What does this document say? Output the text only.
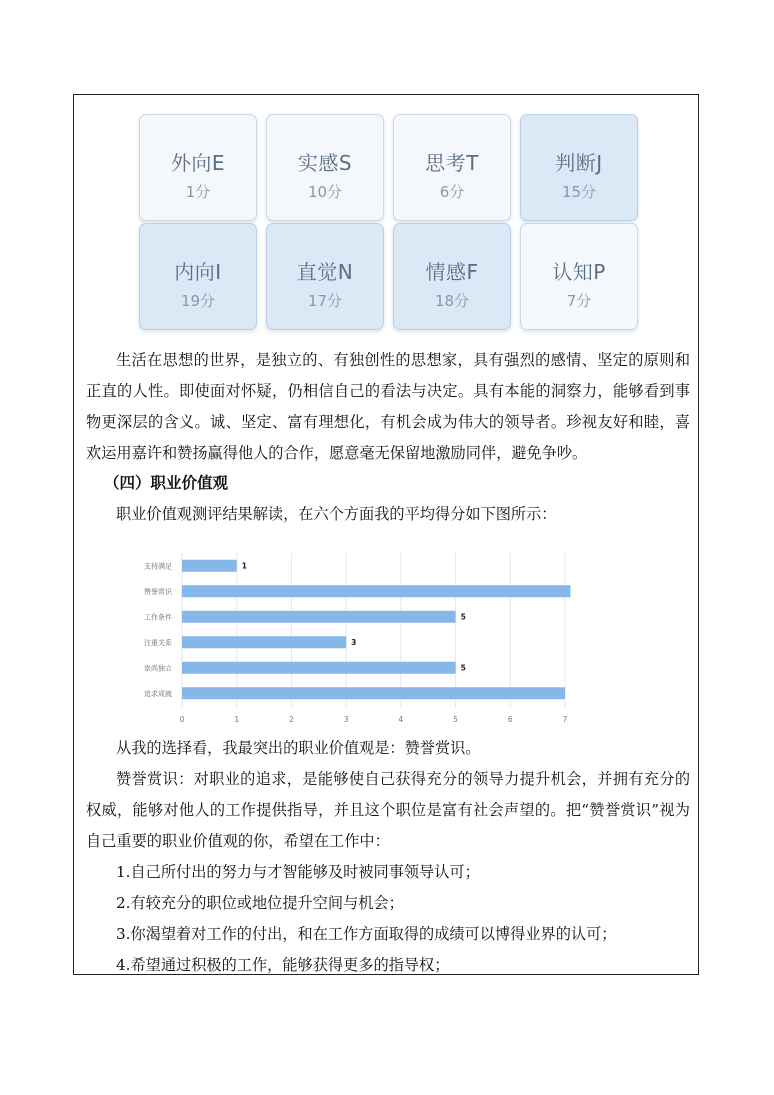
外向E
1分
实感S
10分
思考T
6分
判断J
15分
内向I
19分
直觉N
17分
情感F
18分
认知P
7分

生活在思想的世界，是独立的、有独创性的思想家，具有强烈的感情、坚定的原则和正直的人性。即使面对怀疑，仍相信自己的看法与决定。具有本能的洞察力，能够看到事物更深层的含义。诚、坚定、富有理想化，有机会成为伟大的领导者。珍视友好和睦，喜欢运用嘉许和赞扬赢得他人的合作，愿意毫无保留地激励同伴，避免争吵。

（四）职业价值观

职业价值观测评结果解读，在六个方面我的平均得分如下图所示：

0	1	2	3	4	5	6	7
支持满足	1
赞誉赏识
工作条件	5
注重关系	3
崇尚独立	5
追求成就

从我的选择看，我最突出的职业价值观是：赞誉赏识。

赞誉赏识：对职业的追求，是能够使自己获得充分的领导力提升机会，并拥有充分的权威，能够对他人的工作提供指导，并且这个职位是富有社会声望的。把“赞誉赏识”视为自己重要的职业价值观的你，希望在工作中：

1.自己所付出的努力与才智能够及时被同事领导认可；

2.有较充分的职位或地位提升空间与机会；

3.你渴望着对工作的付出，和在工作方面取得的成绩可以博得业界的认可；

4.希望通过积极的工作，能够获得更多的指导权；
